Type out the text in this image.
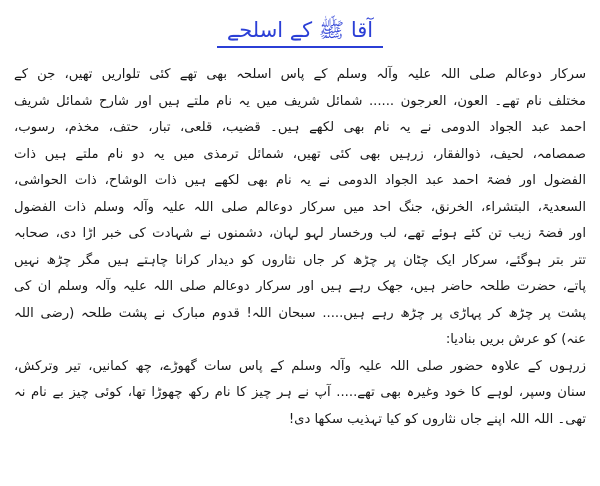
آقا ﷺ کے اسلحے
سرکار دوعالم صلی اللہ علیہ وآلہ وسلم کے پاس اسلحہ بھی تھے کئی تلواریں تھیں، جن کے
مختلف نام تھے۔ العون، العرجون ...... شمائل شریف میں یہ نام ملتے ہیں اور شارح شمائل شریف
احمد عبد الجواد الدومی نے یہ نام بھی لکھے ہیں۔ قضیب، قلعی، تبار، حتف، مخذم، رسوب،
صمصامہ، لحیف، ذوالفقار، زرہیں بھی کئی تھیں، شمائل ترمذی میں یہ دو نام ملتے ہیں ذات
الفضول اور فضۃ احمد عبد الجواد الدومی نے یہ نام بھی لکھے ہیں ذات الوشاح، ذات الحواشی،
السعدیۃ، البتشراء، الخرنق، جنگ احد میں سرکار دوعالم صلی اللہ علیہ وآلہ وسلم ذات الفضول
اور فضۃ زیب تن کئے ہوئے تھے، لب ورخسار لہو لہان، دشمنوں نے شہادت کی خبر اڑا دی، صحابہ
تتر بتر ہوگئے، سرکار ایک چٹان پر چڑھ کر جاں نثاروں کو دیدار کرانا چاہتے ہیں مگر چڑھ نہیں
پاتے، حضرت طلحہ حاضر ہیں، جھک رہے ہیں اور سرکار دوعالم صلی اللہ علیہ وآلہ وسلم ان کی
پشت پر چڑھ کر پہاڑی پر چڑھ رہے ہیں..... سبحان اللہ! قدوم مبارک نے پشت طلحہ (رضی اللہ
عنہ) کو عرش بریں بنادیا:
زرہوں کے علاوہ حضور صلی اللہ علیہ وآلہ وسلم کے پاس سات گھوڑے، چھ کمانیں، تیر وترکش،
سنان وسپر، لوہے کا خود وغیرہ بھی تھے..... آپ نے ہر چیز کا نام رکھ چھوڑا تھا، کوئی چیز بے نام نہ
تھی۔ اللہ اللہ اپنے جاں نثاروں کو کیا تہذیب سکھا دی!
